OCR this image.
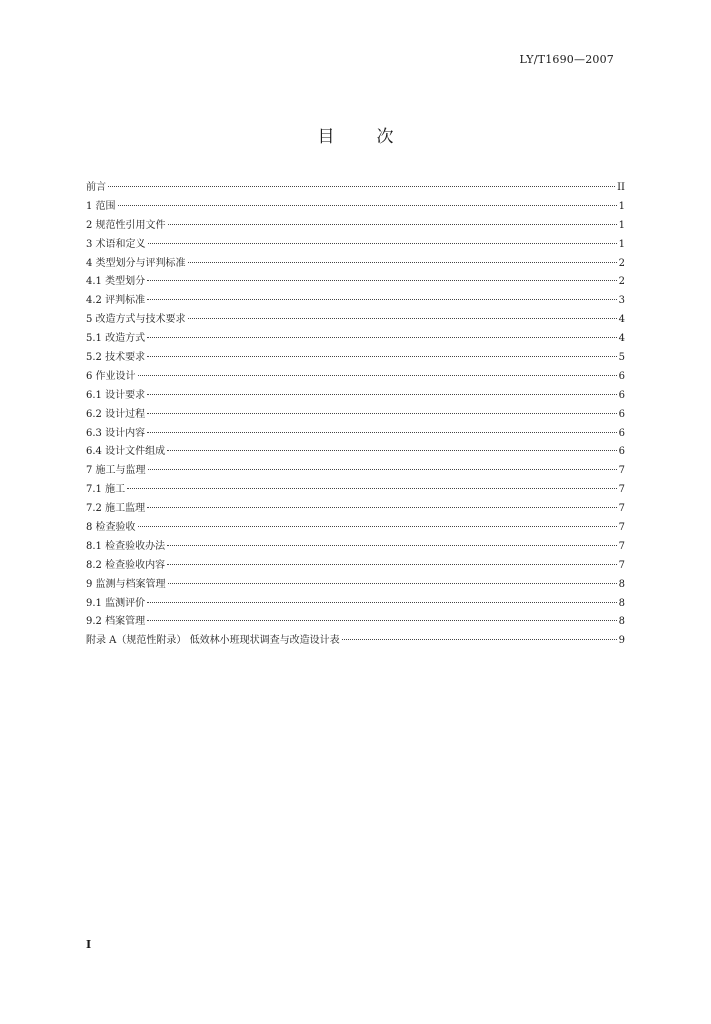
LY/T1690—2007
目次
前言	II
1 范围	1
2 规范性引用文件	1
3 术语和定义	1
4 类型划分与评判标准	2
4.1 类型划分	2
4.2 评判标准	3
5 改造方式与技术要求	4
5.1 改造方式	4
5.2 技术要求	5
6 作业设计	6
6.1 设计要求	6
6.2 设计过程	6
6.3 设计内容	6
6.4 设计文件组成	6
7 施工与监理	7
7.1 施工	7
7.2 施工监理	7
8 检查验收	7
8.1 检查验收办法	7
8.2 检查验收内容	7
9 监测与档案管理	8
9.1 监测评价	8
9.2 档案管理	8
附录 A（规范性附录） 低效林小班现状调查与改造设计表	9
I
